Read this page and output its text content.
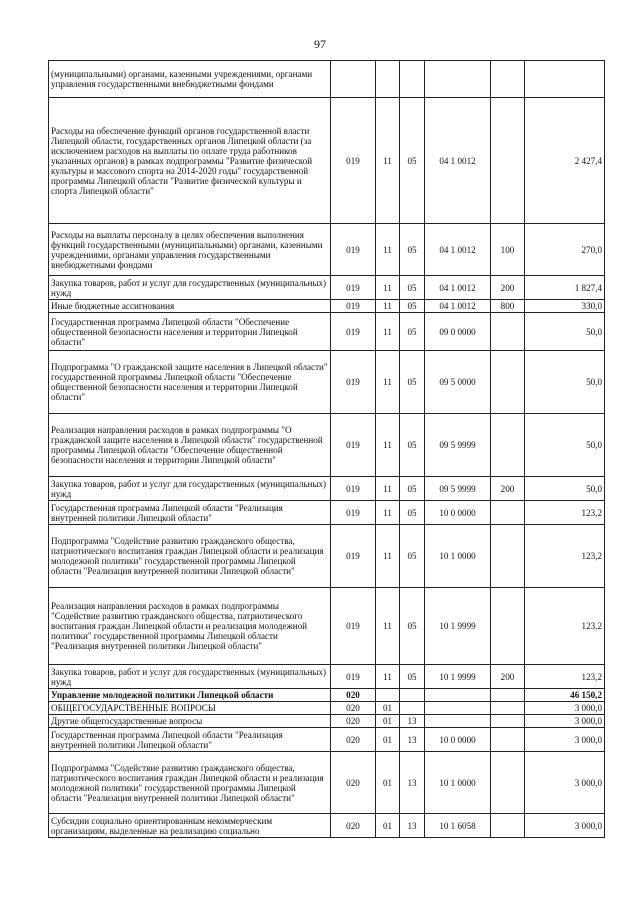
97
(муниципальными) органами, казенными учреждениями, органами управления государственными внебюджетными фондами						
Расходы на обеспечение функций органов государственной власти Липецкой области, государственных органов Липецкой области (за исключением расходов на выплаты по оплате труда работников указанных органов) в рамках подпрограммы "Развитие физической культуры и массового спорта на 2014-2020 годы" государственной программы Липецкой области "Развитие физической культуры и спорта Липецкой области"	019	11	05	04 1 0012		2 427,4
Расходы на выплаты персоналу в целях обеспечения выполнения функций государственными (муниципальными) органами, казенными учреждениями, органами управления государственными внебюджетными фондами	019	11	05	04 1 0012	100	270,0
Закупка товаров, работ и услуг для государственных (муниципальных) нужд	019	11	05	04 1 0012	200	1 827,4
Иные бюджетные ассигнования	019	11	05	04 1 0012	800	330,0
Государственная программа Липецкой области "Обеспечение общественной безопасности населения и территории Липецкой области"	019	11	05	09 0 0000		50,0
Подпрограмма "О гражданской защите населения в Липецкой области" государственной программы Липецкой области "Обеспечение общественной безопасности населения и территории Липецкой области"	019	11	05	09 5 0000		50,0
Реализация направления расходов в рамках подпрограммы "О гражданской защите населения в Липецкой области" государственной программы Липецкой области "Обеспечение общественной безопасности населения и территории Липецкой области"	019	11	05	09 5 9999		50,0
Закупка товаров, работ и услуг для государственных (муниципальных) нужд	019	11	05	09 5 9999	200	50,0
Государственная программа Липецкой области "Реализация внутренней политики Липецкой области"	019	11	05	10 0 0000		123,2
Подпрограмма "Содействие развитию гражданского общества, патриотического воспитания граждан Липецкой области и реализация молодежной политики" государственной программы Липецкой области "Реализация внутренней политики Липецкой области"	019	11	05	10 1 0000		123,2
Реализация направления расходов в рамках подпрограммы "Содействие развитию гражданского общества, патриотического воспитания граждан Липецкой области и реализация молодежной политики" государственной программы Липецкой области "Реализация внутренней политики Липецкой области"	019	11	05	10 1 9999		123,2
Закупка товаров, работ и услуг для государственных (муниципальных) нужд	019	11	05	10 1 9999	200	123,2
Управление молодежной политики Липецкой области	020					46 150,2
ОБЩЕГОСУДАРСТВЕННЫЕ ВОПРОСЫ	020	01				3 000,0
Другие общегосударственные вопросы	020	01	13			3 000,0
Государственная программа Липецкой области "Реализация внутренней политики Липецкой области"	020	01	13	10 0 0000		3 000,0
Подпрограмма "Содействие развитию гражданского общества, патриотического воспитания граждан Липецкой области и реализация молодежной политики" государственной программы Липецкой области "Реализация внутренней политики Липецкой области"	020	01	13	10 1 0000		3 000,0
Субсидии социально ориентированным некоммерческим организациям, выделенные на реализацию социально	020	01	13	10 1 6058		3 000,0
